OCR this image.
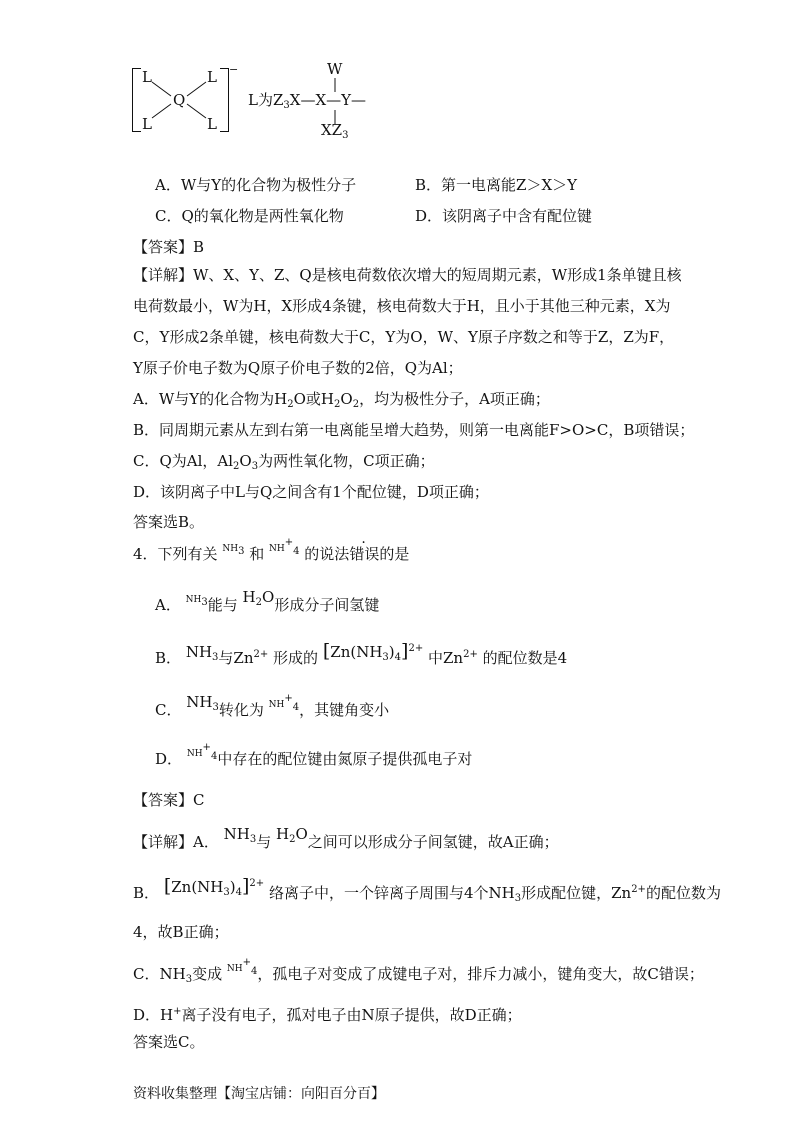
L	L
Q
L	L
−	W
L为$Z_3X—X—Y—$
$XZ_3$
A．W与Y的化合物为极性分子	B．第一电离能Z＞X＞Y
C．Q的氧化物是两性氧化物	D．该阴离子中含有配位键
【答案】B
【详解】W、X、Y、Z、Q是核电荷数依次增大的短周期元素，W形成1条单键且核
电荷数最小，W为H，X形成4条键，核电荷数大于H，且小于其他三种元素，X为
C，Y形成2条单键，核电荷数大于C，Y为O，W、Y原子序数之和等于Z，Z为F，
Y原子价电子数为Q原子价电子数的2倍，Q为Al；
A．W与Y的化合物为$H_2O$或$H_2O_2$，均为极性分子，A项正确；
B．同周期元素从左到右第一电离能呈增大趋势，则第一电离能F>O>C，B项错误；
C．Q为Al，$Al_2O_3$为两性氧化物，C项正确；
D．该阴离子中L与Q之间含有1个配位键，D项正确；
答案选B。
4．下列有关 $^{NH_3}$ 和 $^{NH^+_4}$ 的说法错误的是
A． $^{NH_3}$能与 $H_2O$形成分子间氢键
B． $NH_3$与$Zn^{2+}$ 形成的 $[Zn(NH_3)_4]^{2+}$ 中$Zn^{2+}$ 的配位数是4
C． $NH_3$转化为 $^{NH^+_4}$，其键角变小
D． $^{NH^+_4}$中存在的配位键由氮原子提供孤电子对
【答案】C
【详解】A． $NH_3$与 $H_2O$之间可以形成分子间氢键，故A正确；
B． $[Zn(NH_3)_4]^{2+}$ 络离子中，一个锌离子周围与4个$NH_3$形成配位键，$Zn^{2+}$的配位数为
4，故B正确；
C．$NH_3$变成 $^{NH^+_4}$，孤电子对变成了成键电子对，排斥力减小，键角变大，故C错误；
D．H+离子没有电子，孤对电子由N原子提供，故D正确；
答案选C。
资料收集整理【淘宝店铺：向阳百分百】
